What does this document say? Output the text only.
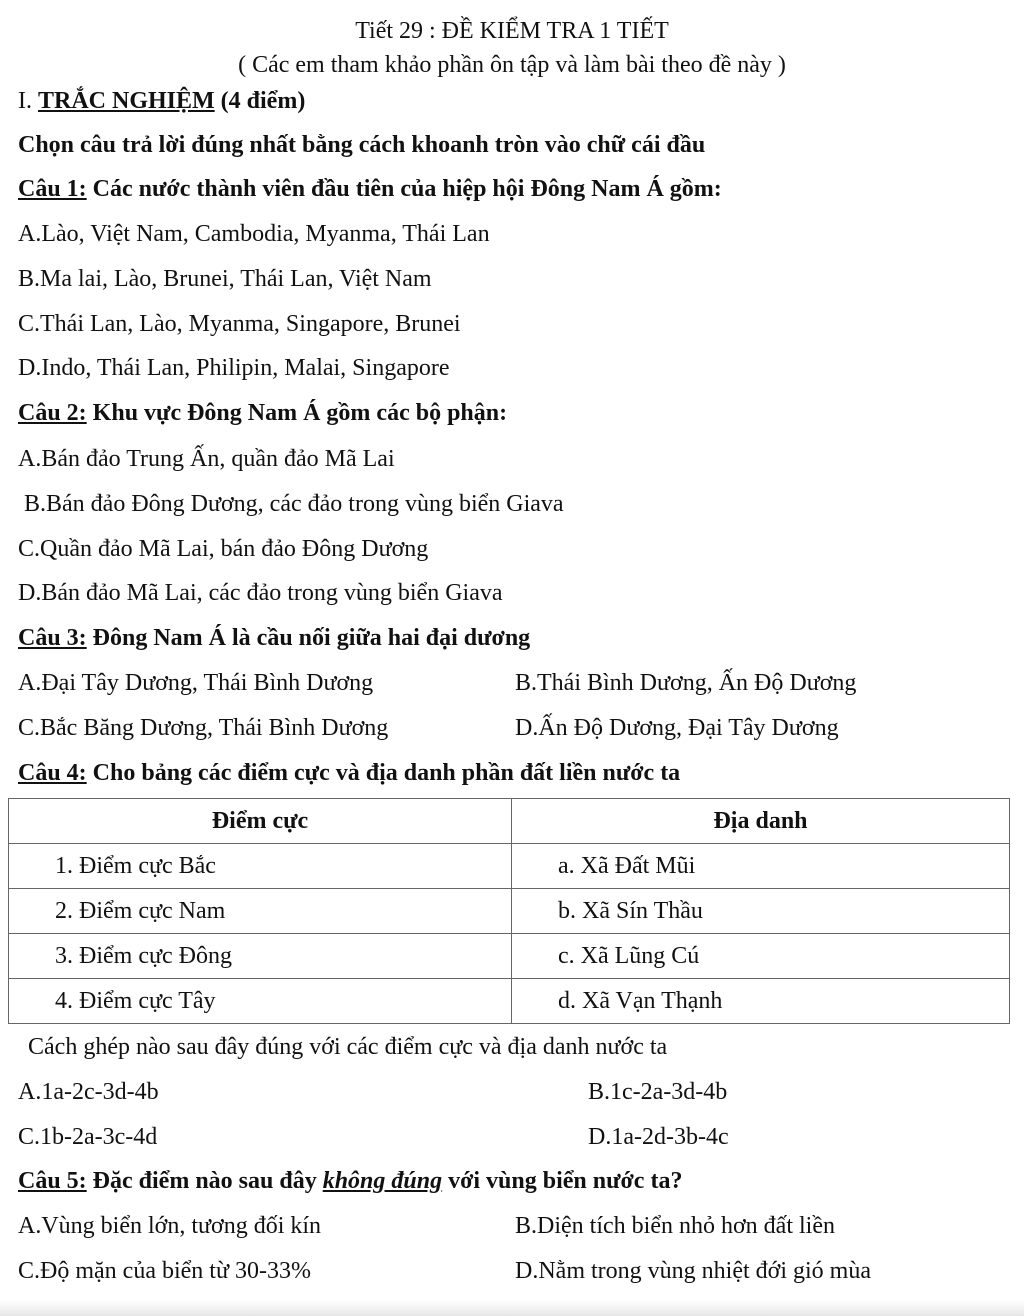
Tiết 29 : ĐỀ KIỂM TRA 1 TIẾT
( Các em tham khảo phần ôn tập và làm bài theo đề này )
I. TRẮC NGHIỆM (4 điểm)
Chọn câu trả lời đúng nhất bằng cách khoanh tròn vào chữ cái đầu
Câu 1: Các nước thành viên đầu tiên của hiệp hội Đông Nam Á gồm:
A.Lào, Việt Nam, Cambodia, Myanma, Thái Lan
B.Ma lai, Lào, Brunei, Thái Lan, Việt Nam
C.Thái Lan, Lào, Myanma, Singapore, Brunei
D.Indo, Thái Lan, Philipin, Malai, Singapore
Câu 2: Khu vực Đông Nam Á gồm các bộ phận:
A.Bán đảo Trung Ấn, quần đảo Mã Lai
B.Bán đảo Đông Dương, các đảo trong vùng biển Giava
C.Quần đảo Mã Lai, bán đảo Đông Dương
D.Bán đảo Mã Lai, các đảo trong vùng biển Giava
Câu 3: Đông Nam Á là cầu nối giữa hai đại dương
A.Đại Tây Dương, Thái Bình Dương	B.Thái Bình Dương, Ấn Độ Dương
C.Bắc Băng Dương, Thái Bình Dương	D.Ấn Độ Dương, Đại Tây Dương
Câu 4: Cho bảng các điểm cực và địa danh phần đất liền nước ta
Điểm cực	Địa danh
1. Điểm cực Bắc	a. Xã Đất Mũi
2. Điểm cực Nam	b. Xã Sín Thầu
3. Điểm cực Đông	c. Xã Lũng Cú
4. Điểm cực Tây	d. Xã Vạn Thạnh
Cách ghép nào sau đây đúng với các điểm cực và địa danh nước ta
A.1a-2c-3d-4b	B.1c-2a-3d-4b
C.1b-2a-3c-4d	D.1a-2d-3b-4c
Câu 5: Đặc điểm nào sau đây không đúng với vùng biển nước ta?
A.Vùng biển lớn, tương đối kín	B.Diện tích biển nhỏ hơn đất liền
C.Độ mặn của biển từ 30-33%	D.Nằm trong vùng nhiệt đới gió mùa
